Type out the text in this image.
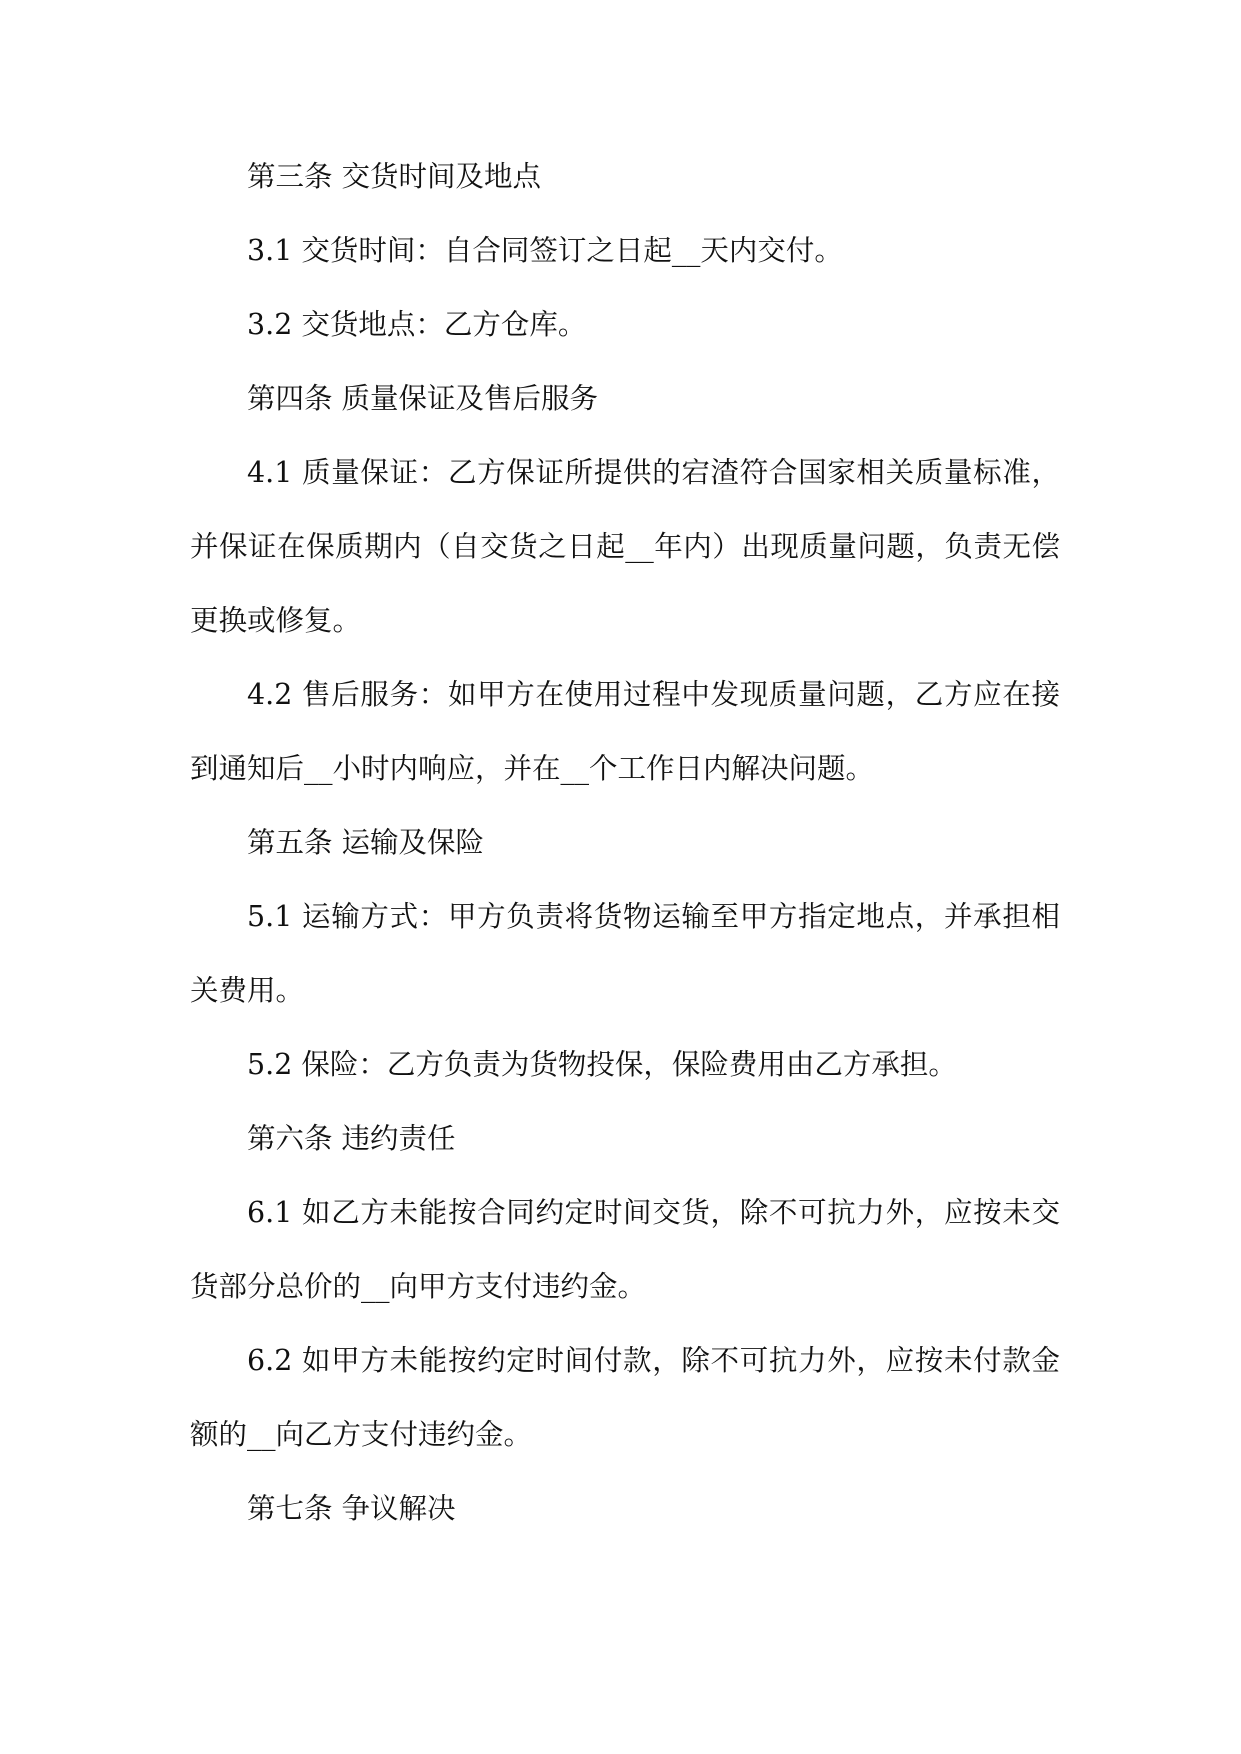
第三条 交货时间及地点

3.1 交货时间：自合同签订之日起__天内交付。

3.2 交货地点：乙方仓库。

第四条 质量保证及售后服务

4.1 质量保证：乙方保证所提供的宕渣符合国家相关质量标准，并保证在保质期内（自交货之日起__年内）出现质量问题，负责无偿更换或修复。

4.2 售后服务：如甲方在使用过程中发现质量问题，乙方应在接到通知后__小时内响应，并在__个工作日内解决问题。

第五条 运输及保险

5.1 运输方式：甲方负责将货物运输至甲方指定地点，并承担相关费用。

5.2 保险：乙方负责为货物投保，保险费用由乙方承担。

第六条 违约责任

6.1 如乙方未能按合同约定时间交货，除不可抗力外，应按未交货部分总价的__向甲方支付违约金。

6.2 如甲方未能按约定时间付款，除不可抗力外，应按未付款金额的__向乙方支付违约金。

第七条 争议解决
